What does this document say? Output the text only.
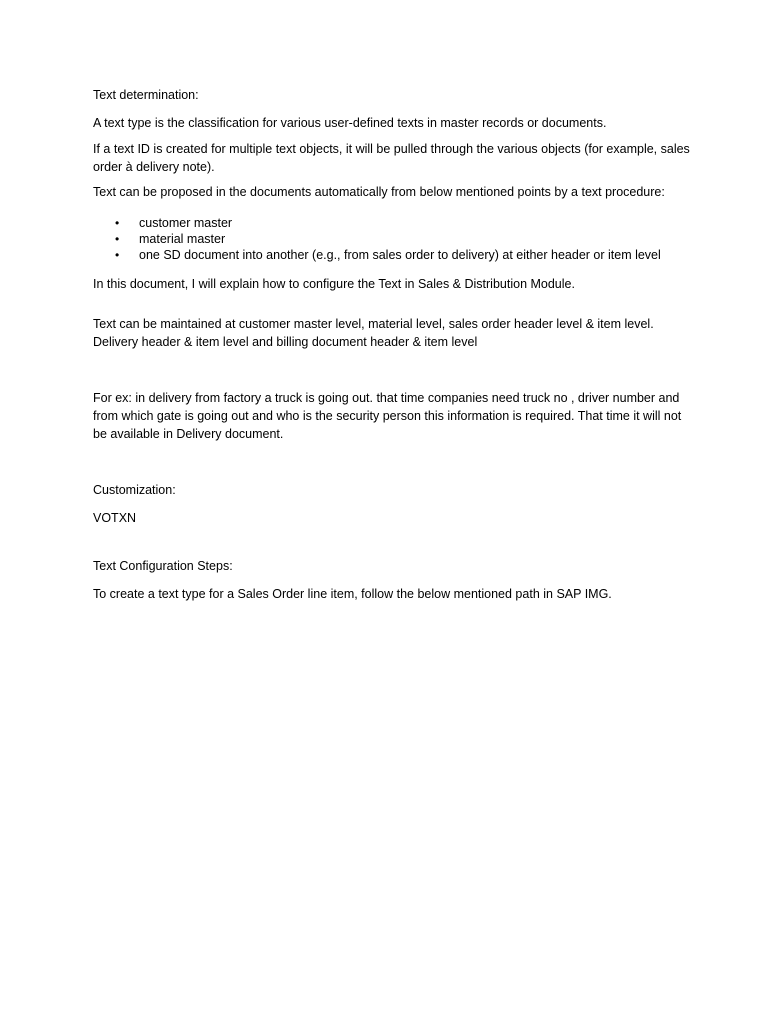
Text determination:

A text type is the classification for various user-defined texts in master records or documents.

If a text ID is created for multiple text objects, it will be pulled through the various objects (for example, sales order à delivery note).

Text can be proposed in the documents automatically from below mentioned points by a text procedure:

• customer master
• material master
• one SD document into another (e.g., from sales order to delivery) at either header or item level

In this document, I will explain how to configure the Text in Sales & Distribution Module.

Text can be maintained at customer master level, material level, sales order header level & item level. Delivery header & item level and billing document header & item level

For ex: in delivery from factory a truck is going out. that time companies need truck no , driver number and from which gate is going out and who is the security person this information is required. That time it will not be available in Delivery document.

Customization:

VOTXN

Text Configuration Steps:

To create a text type for a Sales Order line item, follow the below mentioned path in SAP IMG.
